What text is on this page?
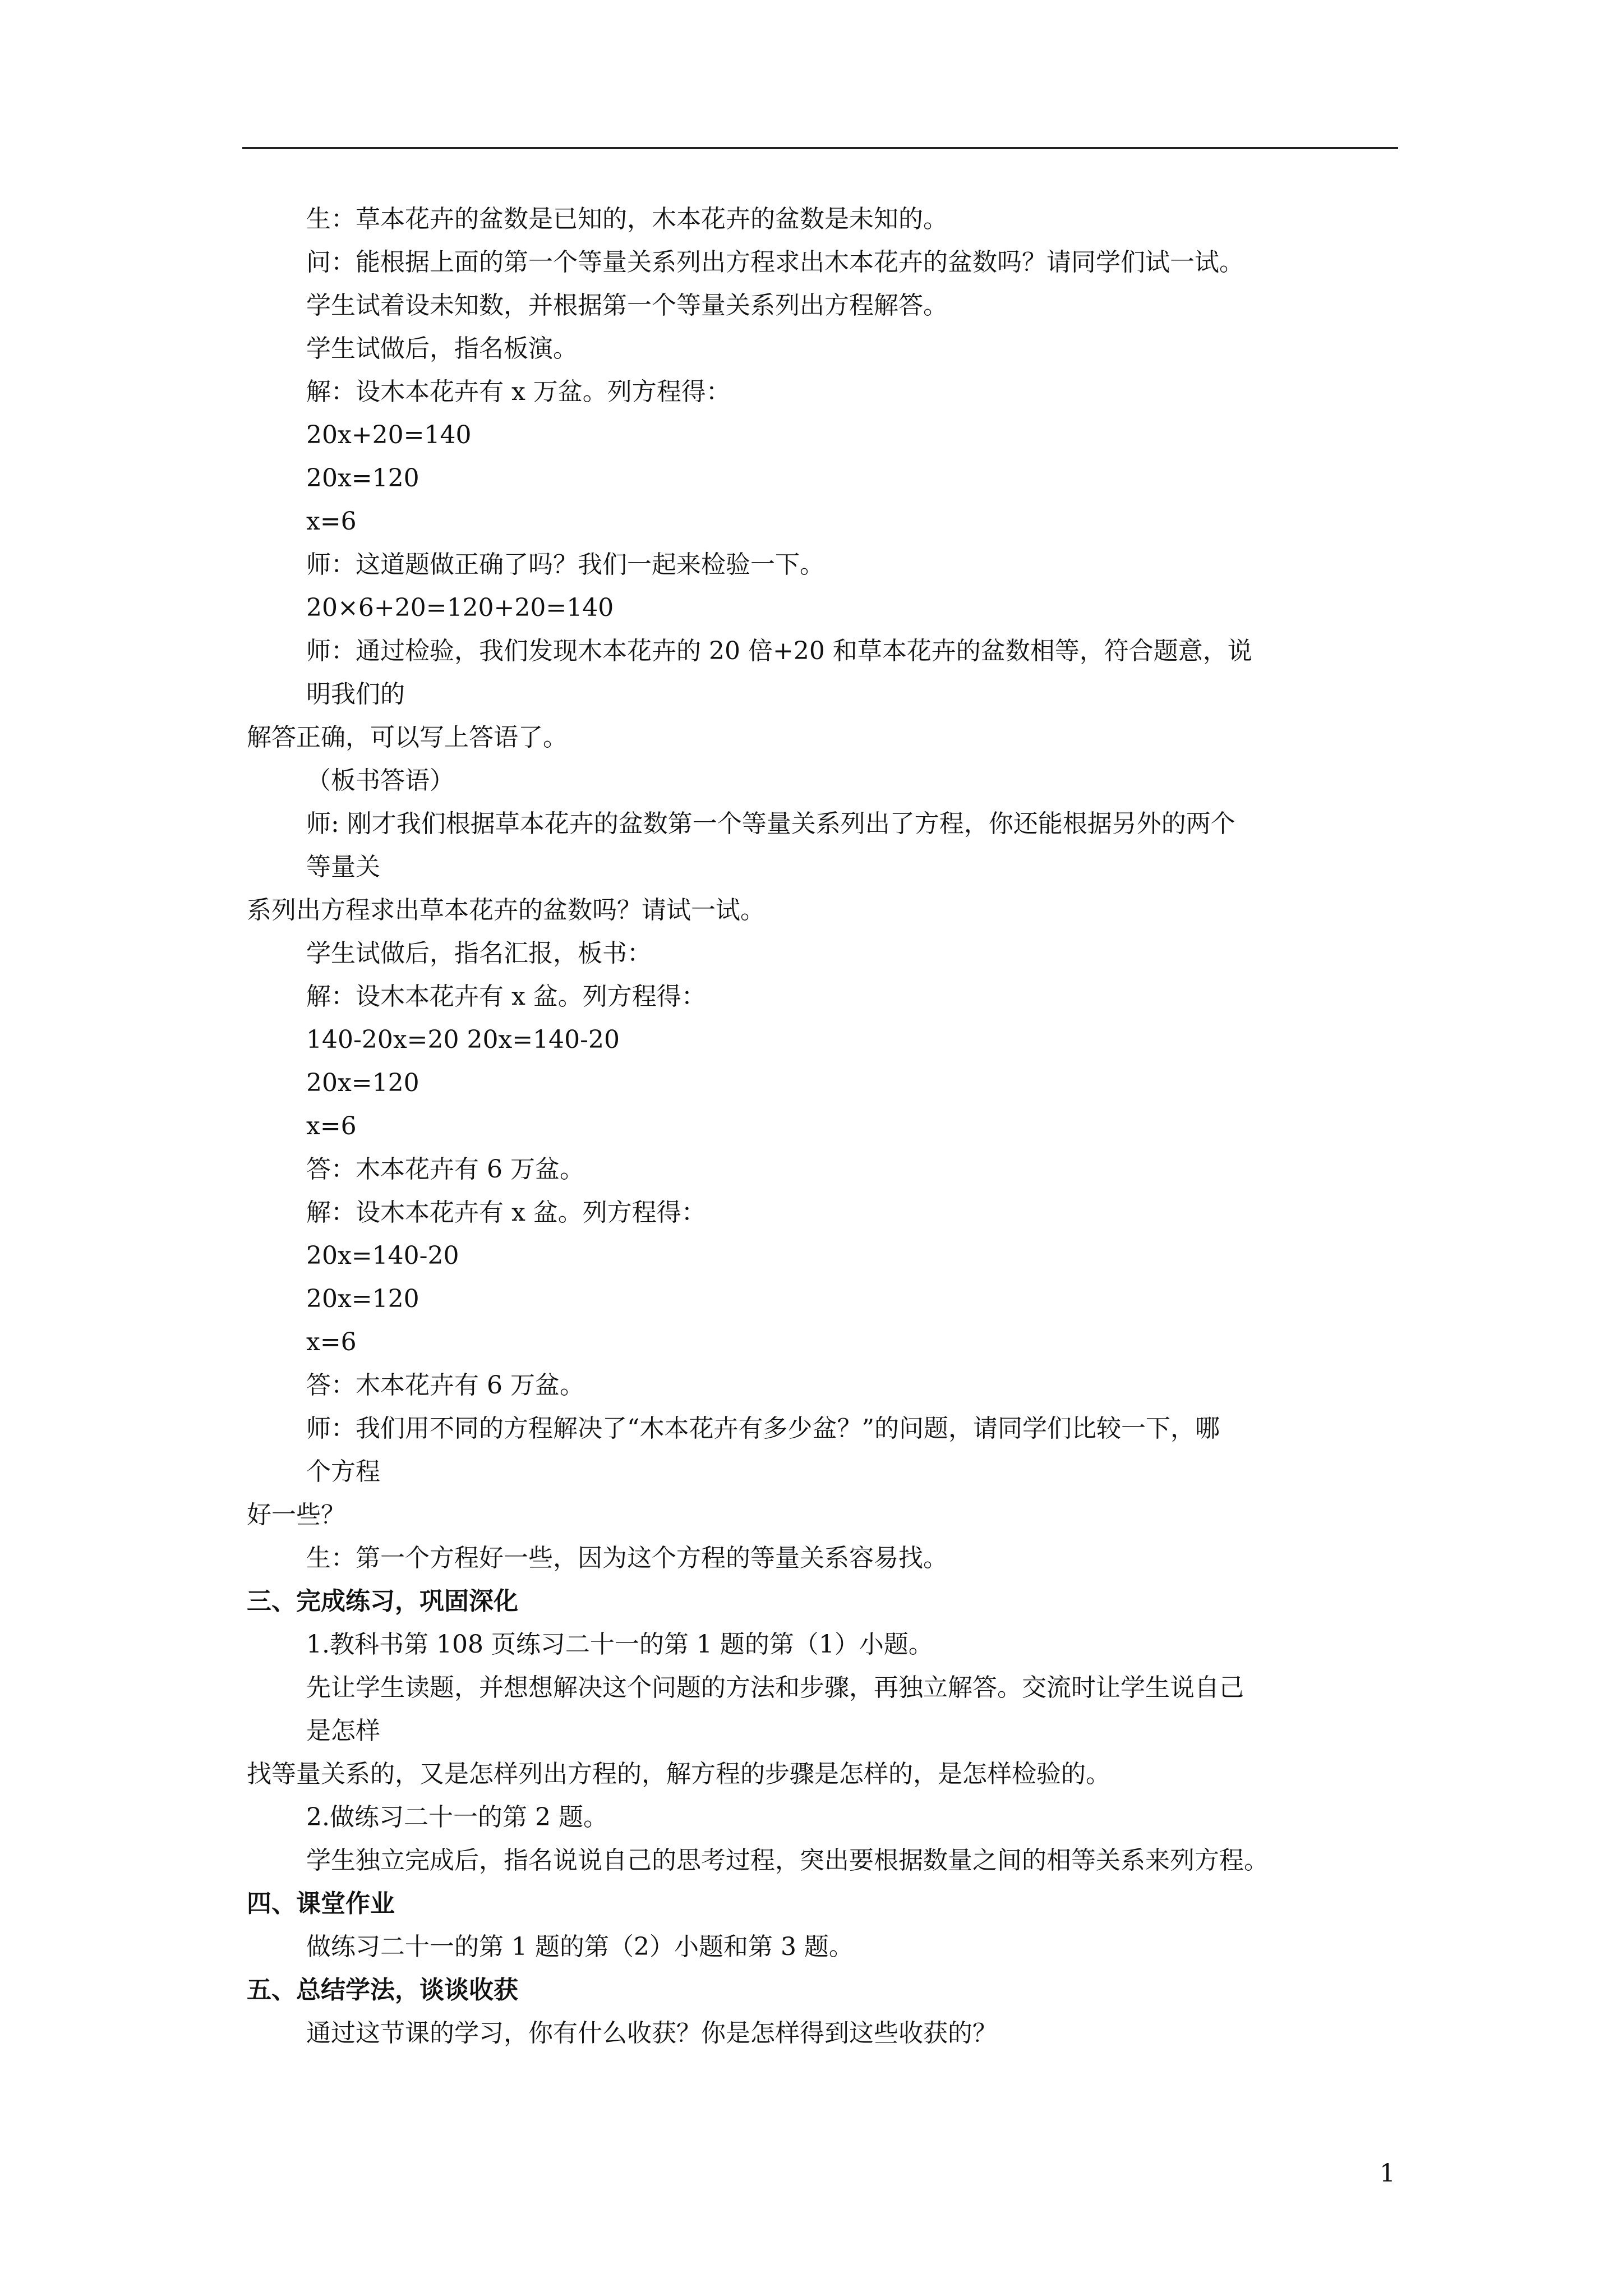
生：草本花卉的盆数是已知的，木本花卉的盆数是未知的。
问：能根据上面的第一个等量关系列出方程求出木本花卉的盆数吗？请同学们试一试。
学生试着设未知数，并根据第一个等量关系列出方程解答。
学生试做后，指名板演。
解：设木本花卉有 x 万盆。列方程得：
20x+20=140
20x=120
x=6
师：这道题做正确了吗？我们一起来检验一下。
20×6+20=120+20=140
师：通过检验，我们发现木本花卉的 20 倍+20 和草本花卉的盆数相等，符合题意，说
明我们的
解答正确，可以写上答语了。
（板书答语）
师: 刚才我们根据草本花卉的盆数第一个等量关系列出了方程，你还能根据另外的两个
等量关
系列出方程求出草本花卉的盆数吗？请试一试。
学生试做后，指名汇报，板书：
解：设木本花卉有 x 盆。列方程得：
140-20x=20 20x=140-20
20x=120
x=6
答：木本花卉有 6 万盆。
解：设木本花卉有 x 盆。列方程得：
20x=140-20
20x=120
x=6
答：木本花卉有 6 万盆。
师：我们用不同的方程解决了“木本花卉有多少盆？”的问题，请同学们比较一下，哪
个方程
好一些？
生：第一个方程好一些，因为这个方程的等量关系容易找。
三、完成练习，巩固深化
1.教科书第 108 页练习二十一的第 1 题的第（1）小题。
先让学生读题，并想想解决这个问题的方法和步骤，再独立解答。交流时让学生说自己
是怎样
找等量关系的，又是怎样列出方程的，解方程的步骤是怎样的，是怎样检验的。
2.做练习二十一的第 2 题。
学生独立完成后，指名说说自己的思考过程，突出要根据数量之间的相等关系来列方程。
四、课堂作业
做练习二十一的第 1 题的第（2）小题和第 3 题。
五、总结学法，谈谈收获
通过这节课的学习，你有什么收获？你是怎样得到这些收获的？
1
